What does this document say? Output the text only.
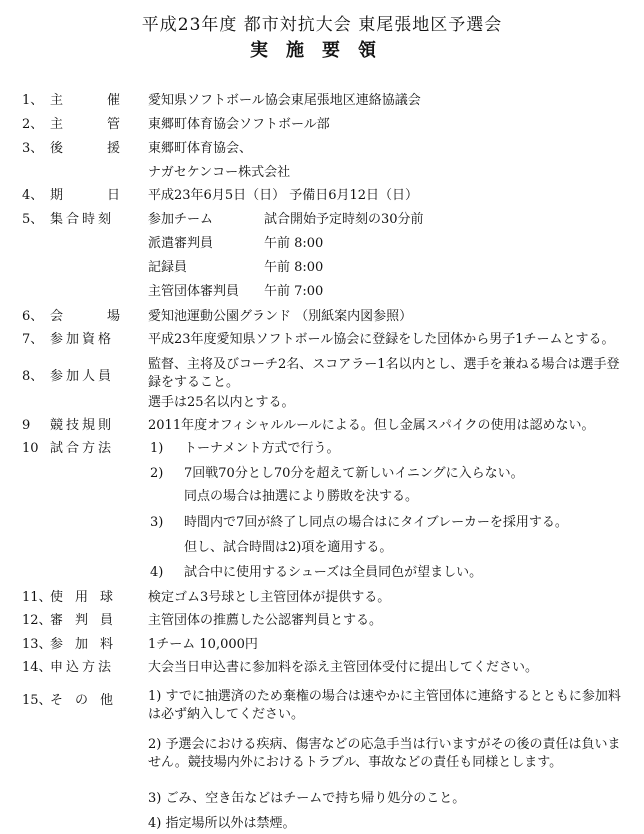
平成23年度 都市対抗大会 東尾張地区予選会
実施要領
1、 主催
愛知県ソフトボール協会東尾張地区連絡協議会
2、 主管
東郷町体育協会ソフトボール部
3、 後援
東郷町体育協会、
ナガセケンコー株式会社
4、 期日
平成23年6月5日（日） 予備日6月12日（日）
5、 集合時刻	参加チーム	試合開始予定時刻の30分前
派遣審判員	午前 8:00
記録員	午前 8:00
主管団体審判員 午前 7:00
6、 会場
愛知池運動公園グランド （別紙案内図参照）
7、 参加資格	平成23年度愛知県ソフトボール協会に登録をした団体から男子1チームとする。
8、 参加人員
監督、主将及びコーチ2名、スコアラー1名以内とし、選手を兼ねる場合は選手登録をすること。
選手は25名以内とする。
9	競技規則	2011年度オフィシャルルールによる。但し金属スパイクの使用は認めない。
10 試合方法	1) トーナメント方式で行う。
2) 7回戦70分とし70分を超えて新しいイニングに入らない。
同点の場合は抽選により勝敗を決する。
3) 時間内で7回が終了し同点の場合はにタイブレーカーを採用する。
但し、試合時間は2)項を適用する。
4) 試合中に使用するシューズは全員同色が望ましい。
11、
使用球	検定ゴム3号球とし主管団体が提供する。
12、
審判員	主管団体の推薦した公認審判員とする。
13、
参加料	1チーム 10,000円
14、
申込方法	大会当日申込書に参加料を添え主管団体受付に提出してください。
15、
その他	1) すでに抽選済のため棄権の場合は速やかに主管団体に連絡するとともに参加料は必ず納入してください。
2) 予選会における疾病、傷害などの応急手当は行いますがその後の責任は負いません。競技場内外におけるトラブル、事故などの責任も同様とします。
3) ごみ、空き缶などはチームで持ち帰り処分のこと。
4) 指定場所以外は禁煙。
